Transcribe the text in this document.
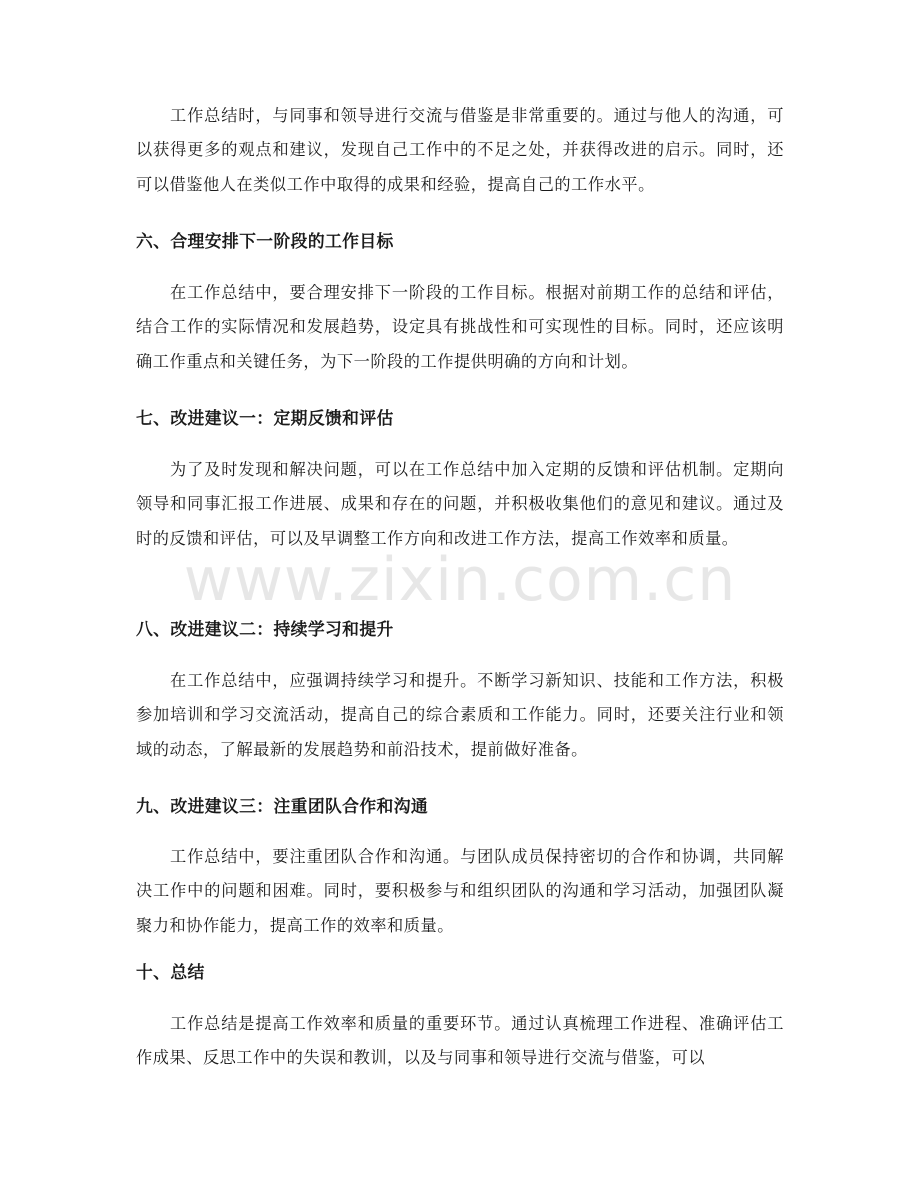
工作总结时，与同事和领导进行交流与借鉴是非常重要的。通过与他人的沟通，可以获得更多的观点和建议，发现自己工作中的不足之处，并获得改进的启示。同时，还可以借鉴他人在类似工作中取得的成果和经验，提高自己的工作水平。

六、合理安排下一阶段的工作目标

在工作总结中，要合理安排下一阶段的工作目标。根据对前期工作的总结和评估，结合工作的实际情况和发展趋势，设定具有挑战性和可实现性的目标。同时，还应该明确工作重点和关键任务，为下一阶段的工作提供明确的方向和计划。

七、改进建议一：定期反馈和评估

为了及时发现和解决问题，可以在工作总结中加入定期的反馈和评估机制。定期向领导和同事汇报工作进展、成果和存在的问题，并积极收集他们的意见和建议。通过及时的反馈和评估，可以及早调整工作方向和改进工作方法，提高工作效率和质量。

八、改进建议二：持续学习和提升

在工作总结中，应强调持续学习和提升。不断学习新知识、技能和工作方法，积极参加培训和学习交流活动，提高自己的综合素质和工作能力。同时，还要关注行业和领域的动态，了解最新的发展趋势和前沿技术，提前做好准备。

九、改进建议三：注重团队合作和沟通

工作总结中，要注重团队合作和沟通。与团队成员保持密切的合作和协调，共同解决工作中的问题和困难。同时，要积极参与和组织团队的沟通和学习活动，加强团队凝聚力和协作能力，提高工作的效率和质量。

十、总结

工作总结是提高工作效率和质量的重要环节。通过认真梳理工作进程、准确评估工作成果、反思工作中的失误和教训，以及与同事和领导进行交流与借鉴，可以

www.zixin.com.cn
